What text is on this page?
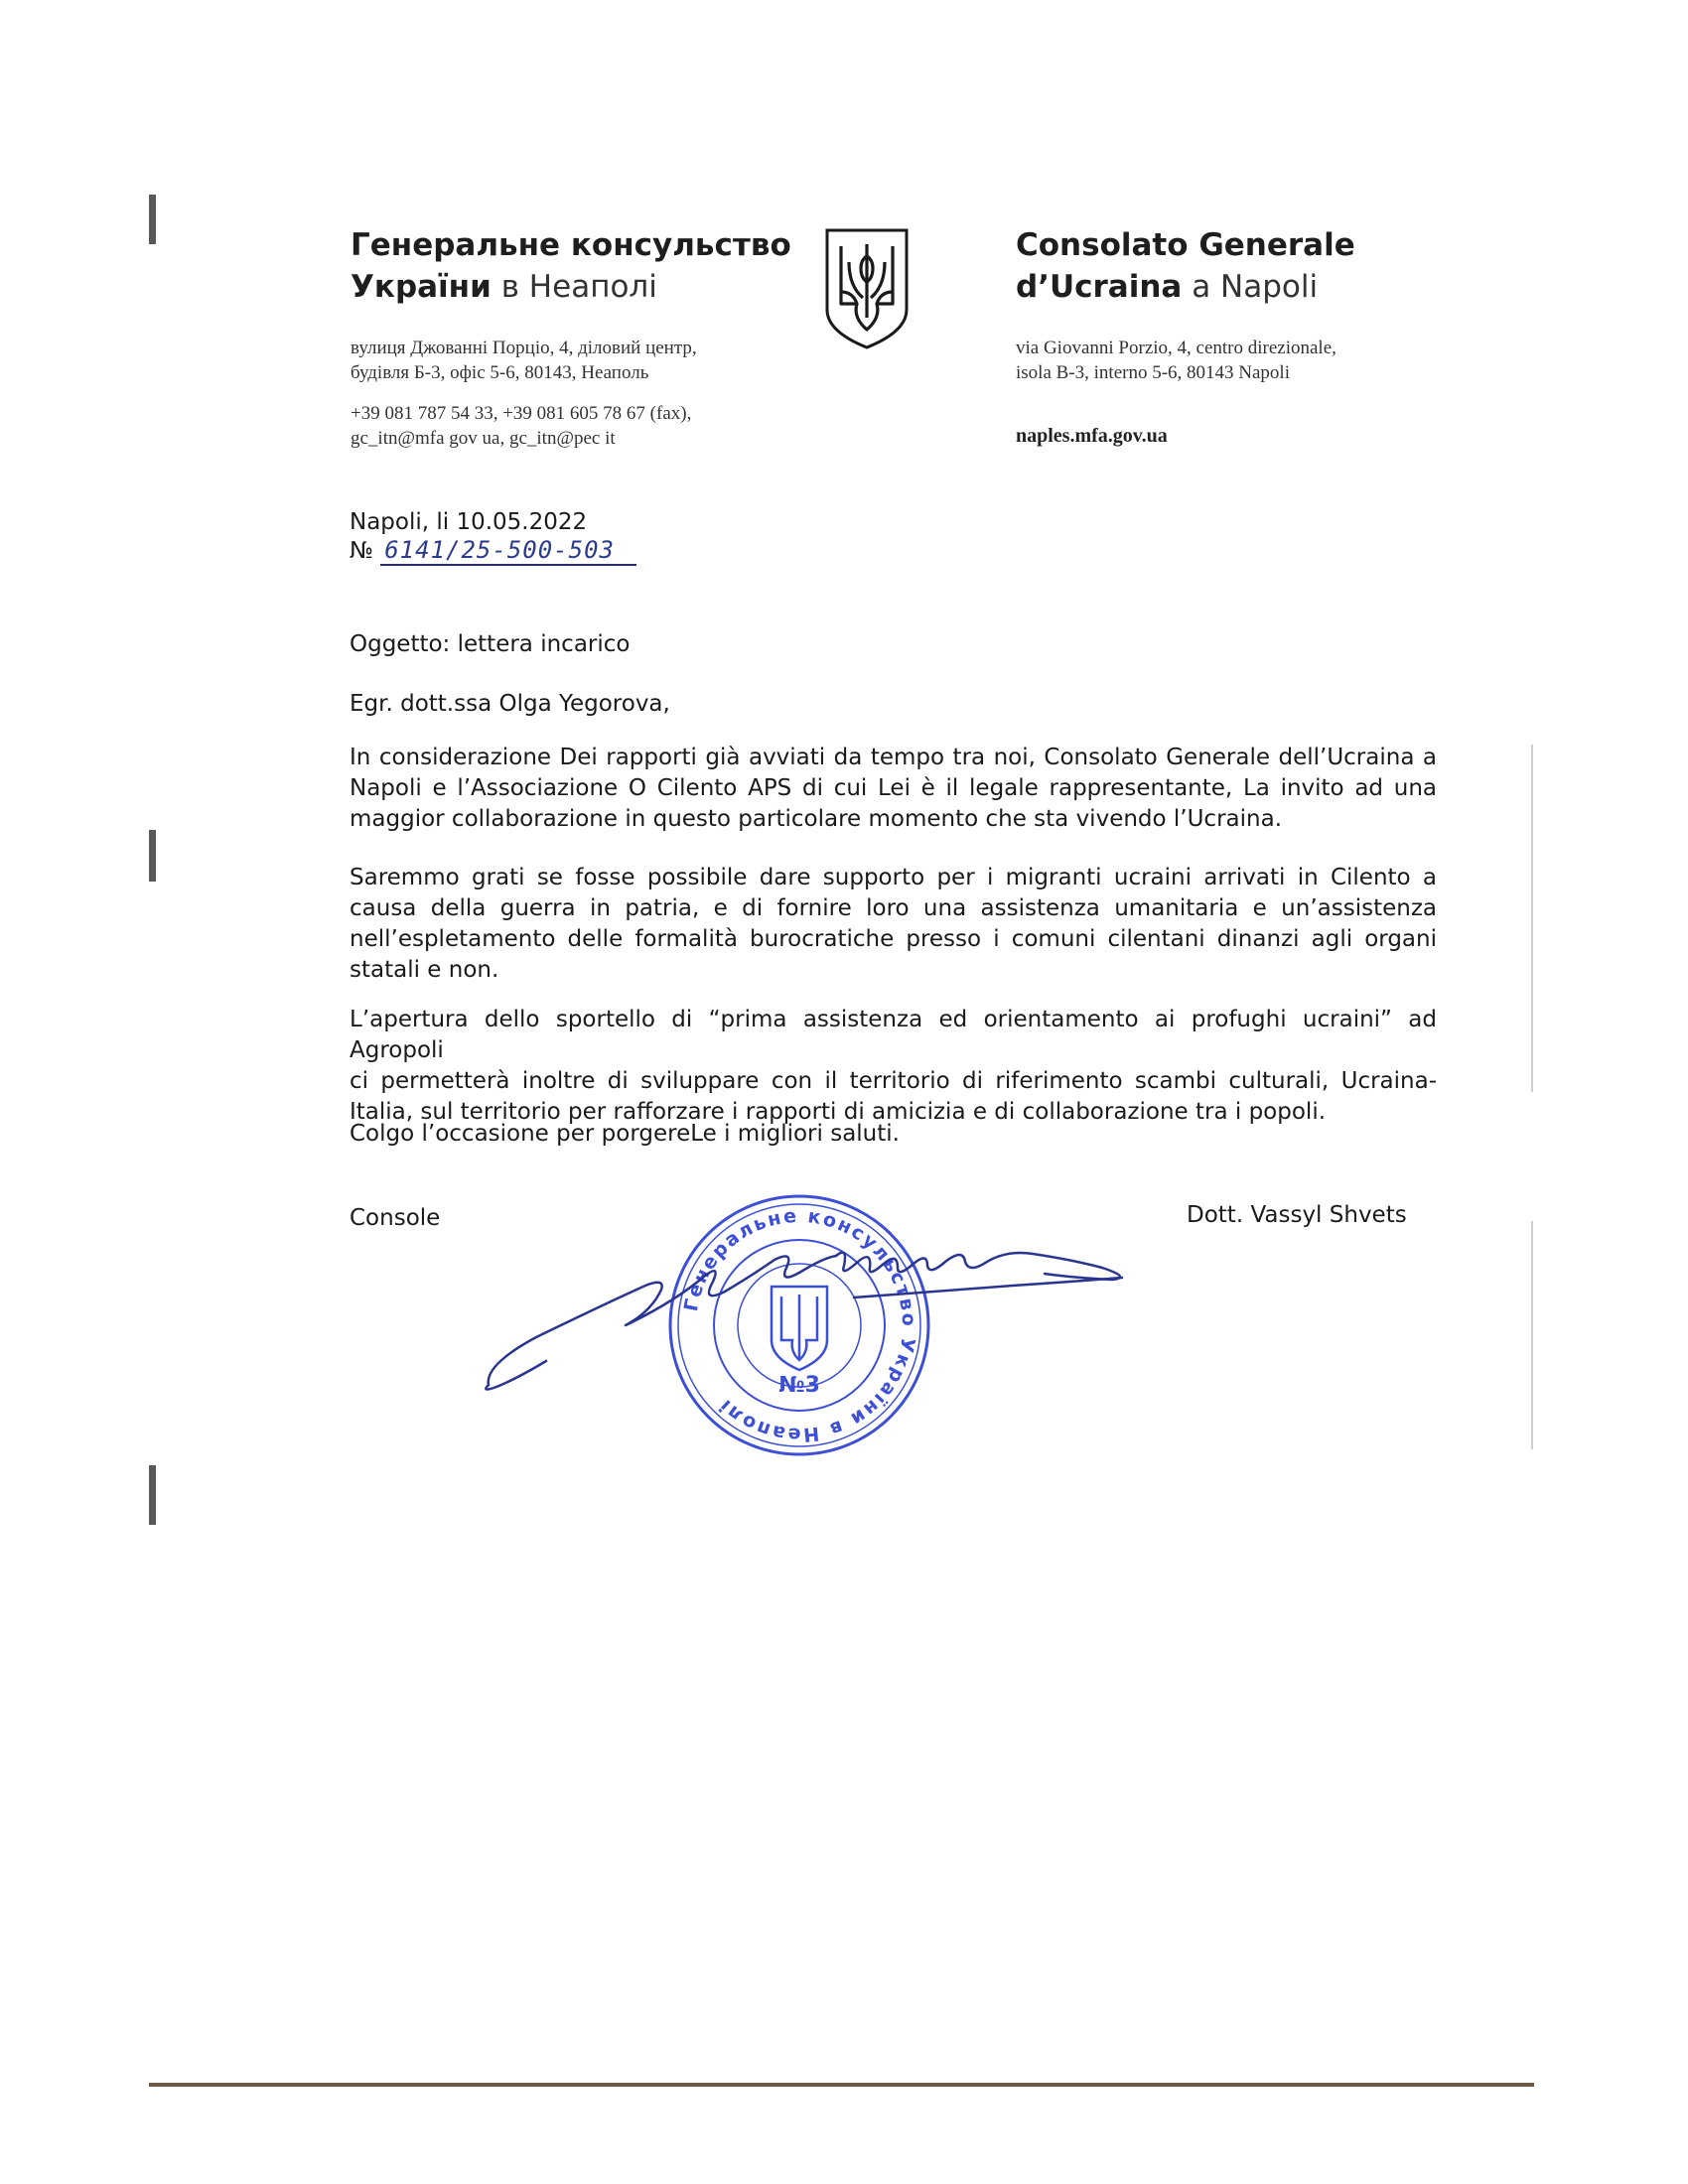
Генеральне консульство
України в Неаполі
вулиця Джованні Порціо, 4, діловий центр,
будівля Б-3, офіс 5-6, 80143, Неаполь
+39 081 787 54 33, +39 081 605 78 67 (fax),
gc_itn@mfa gov ua, gc_itn@pec it
Consolato Generale
d’Ucraina a Napoli
via Giovanni Porzio, 4, centro direzionale,
isola B-3, interno 5-6, 80143 Napoli
naples.mfa.gov.ua
Napoli, li 10.05.2022
№ 6141/25-500-503
Oggetto: lettera incarico
Egr. dott.ssa Olga Yegorova,

In considerazione Dei rapporti già avviati da tempo tra noi, Consolato Generale dell’Ucraina a
Napoli e l’Associazione O Cilento APS di cui Lei è il legale rappresentante, La invito ad una
maggior collaborazione in questo particolare momento che sta vivendo l’Ucraina.

Saremmo grati se fosse possibile dare supporto per i migranti ucraini arrivati in Cilento a
causa della guerra in patria, e di fornire loro una assistenza umanitaria e un’assistenza
nell’espletamento delle formalità burocratiche presso i comuni cilentani dinanzi agli organi
statali e non.

L’apertura dello sportello di “prima assistenza ed orientamento ai profughi ucraini” ad Agropoli
ci permetterà inoltre di sviluppare con il territorio di riferimento scambi culturali, Ucraina-
Italia, sul territorio per rafforzare i rapporti di amicizia e di collaborazione tra i popoli.

Colgo l’occasione per porgereLe i migliori saluti.
Console	Dott. Vassyl Shvets
Генеральне консульство України в Неаполі
№3
